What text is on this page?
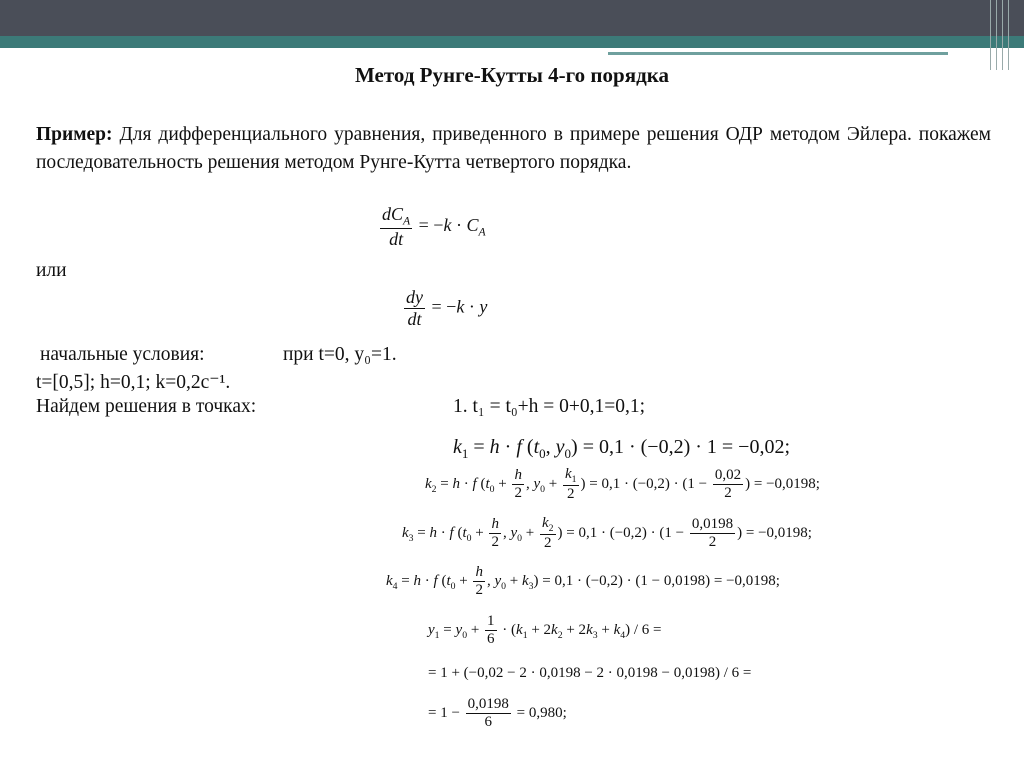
Метод Рунге-Кутты 4-го порядка
Пример: Для дифференциального уравнения, приведенного в примере решения ОДР методом Эйлера. покажем последовательность решения методом Рунге-Кутта четвертого порядка.
$\frac{dC_A}{dt} = -k \cdot C_A$
или
$\frac{dy}{dt} = -k \cdot y$
начальные условия:	при t=0, y₀=1.
t=[0,5]; h=0,1; k=0,2c⁻¹.
Найдем решения в точках:	1. t₁ = t₀+h = 0+0,1=0,1;
$k_1 = h \cdot f$ ($t_0$, $y_0) = 0,1 \cdot (-0,2) \cdot 1 = -0,02$;
$k_2 = h \cdot f$ ($t_0 + \frac{h}{2}$ , $y_0 + \frac{k_1}{2}$ ) = $0,1 \cdot (-0,2) \cdot (1 - \frac{0,02}{2}$ ) = −0,0198;
$k_3 = h \cdot f$ ($t_0 + \frac{h}{2}$ , $y_0 + \frac{k_2}{2}$ ) = $0,1 \cdot (-0,2) \cdot (1 - \frac{0,0198}{2}$ ) = −0,0198;
$k_4 = h \cdot f$ ($t_0 + \frac{h}{2}$ , $y_0 + k_3) = 0,1 \cdot (-0,2) \cdot (1 - 0,0198) = -0,0198$;
$y_1 = y_0 + \frac{1}{6} \cdot (k_1 + 2k_2 + 2k_3 + k_4) / 6$ =
= 1 + (−0,02 − 2 · 0,0198 − 2 · 0,0198 − 0,0198) / 6 =
= $1 - \frac{0,0198}{6} = 0,980$;
